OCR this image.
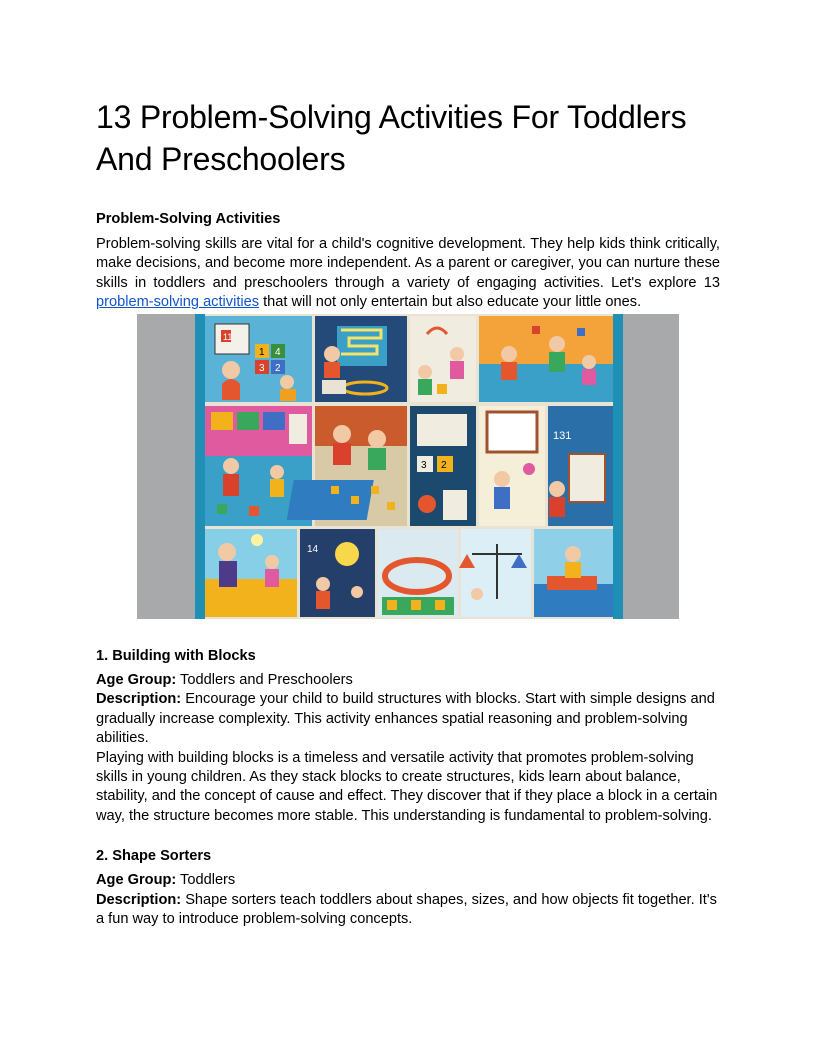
13 Problem-Solving Activities For Toddlers And Preschoolers

Problem-Solving Activities

Problem-solving skills are vital for a child's cognitive development. They help kids think critically, make decisions, and become more independent. As a parent or caregiver, you can nurture these skills in toddlers and preschoolers through a variety of engaging activities. Let's explore 13 problem-solving activities that will not only entertain but also educate your little ones.

11
1 4
3 2
3 2
131
14

1. Building with Blocks

Age Group: Toddlers and Preschoolers

Description: Encourage your child to build structures with blocks. Start with simple designs and gradually increase complexity. This activity enhances spatial reasoning and problem-solving abilities.

Playing with building blocks is a timeless and versatile activity that promotes problem-solving skills in young children. As they stack blocks to create structures, kids learn about balance, stability, and the concept of cause and effect. They discover that if they place a block in a certain way, the structure becomes more stable. This understanding is fundamental to problem-solving.

2. Shape Sorters

Age Group: Toddlers

Description: Shape sorters teach toddlers about shapes, sizes, and how objects fit together. It's a fun way to introduce problem-solving concepts.
